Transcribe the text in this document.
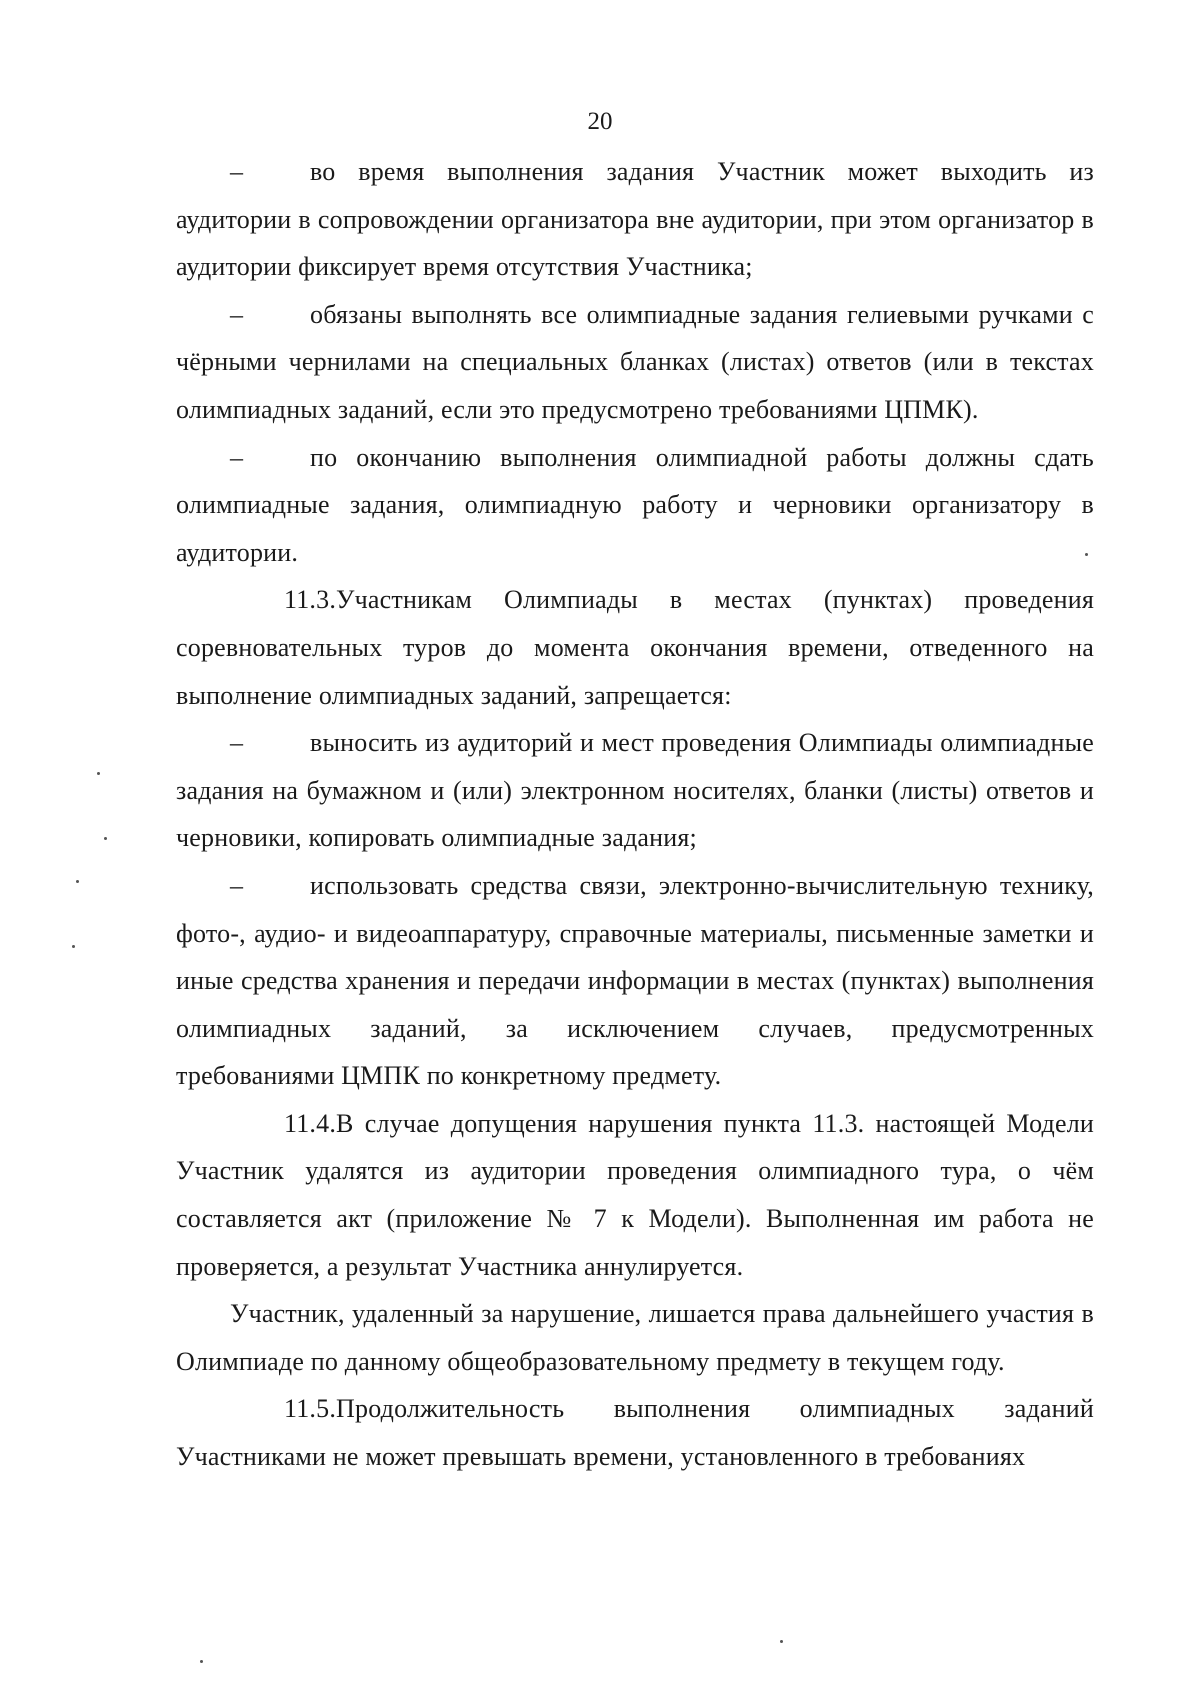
20

–	во время выполнения задания Участник может выходить из аудитории в сопровождении организатора вне аудитории, при этом организатор в аудитории фиксирует время отсутствия Участника;

–	обязаны выполнять все олимпиадные задания гелиевыми ручками с чёрными чернилами на специальных бланках (листах) ответов (или в текстах олимпиадных заданий, если это предусмотрено требованиями ЦПМК).

–	по окончанию выполнения олимпиадной работы должны сдать олимпиадные задания, олимпиадную работу и черновики организатору в аудитории.

11.3.Участникам Олимпиады в местах (пунктах) проведения соревновательных туров до момента окончания времени, отведенного на выполнение олимпиадных заданий, запрещается:

–	выносить из аудиторий и мест проведения Олимпиады олимпиадные задания на бумажном и (или) электронном носителях, бланки (листы) ответов и черновики, копировать олимпиадные задания;

–	использовать средства связи, электронно-вычислительную технику, фото-, аудио- и видеоаппаратуру, справочные материалы, письменные заметки и иные средства хранения и передачи информации в местах (пунктах) выполнения олимпиадных заданий, за исключением случаев, предусмотренных требованиями ЦМПК по конкретному предмету.

11.4.В случае допущения нарушения пункта 11.3. настоящей Модели Участник удалятся из аудитории проведения олимпиадного тура, о чём составляется акт (приложение № 7 к Модели). Выполненная им работа не проверяется, а результат Участника аннулируется.

Участник, удаленный за нарушение, лишается права дальнейшего участия в Олимпиаде по данному общеобразовательному предмету в текущем году.

11.5.Продолжительность выполнения олимпиадных заданий Участниками не может превышать времени, установленного в требованиях
